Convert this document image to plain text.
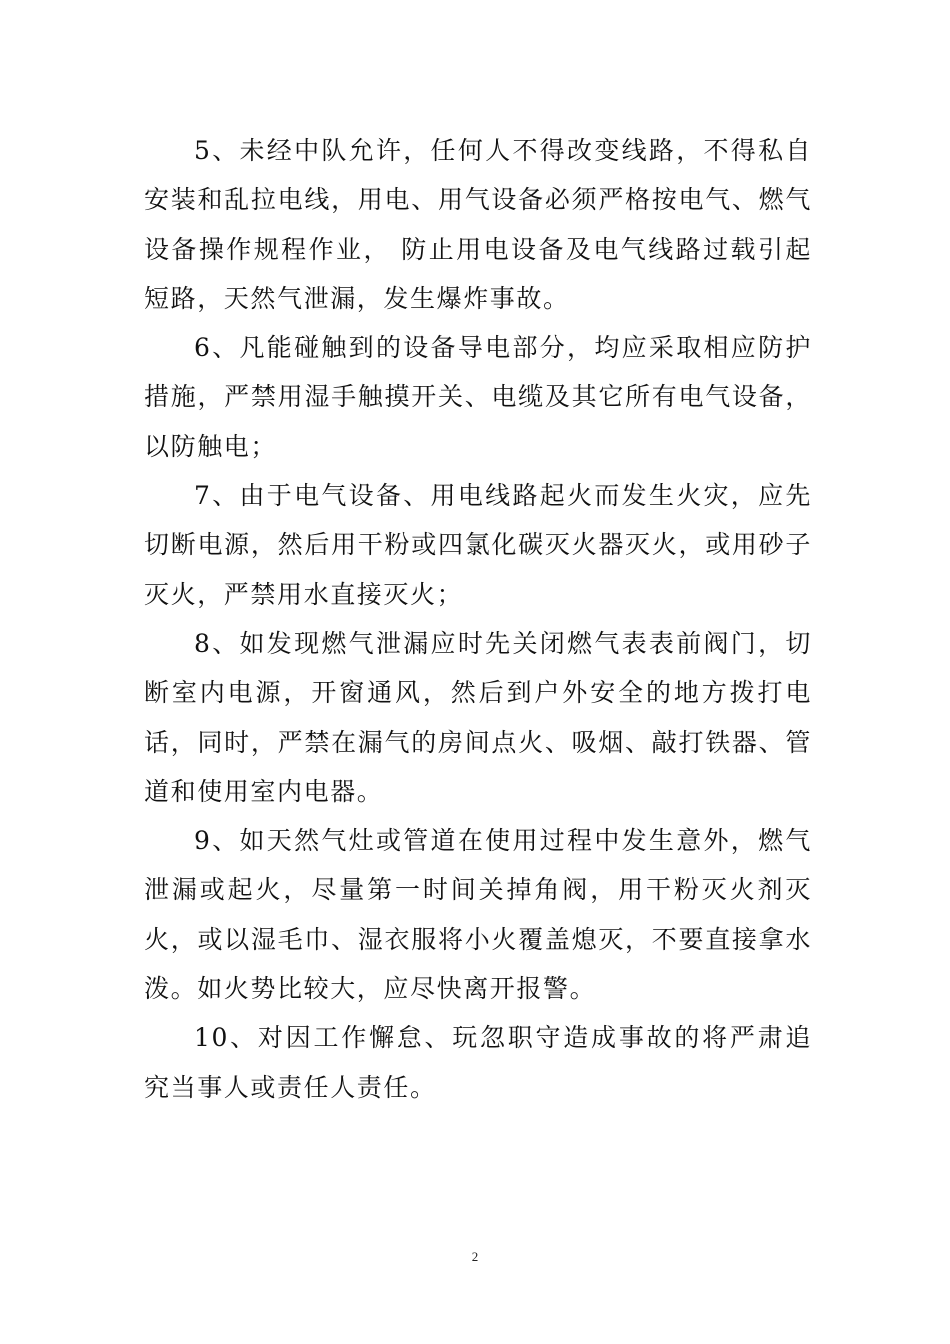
5、未经中队允许，任何人不得改变线路，不得私自安装和乱拉电线，用电、用气设备必须严格按电气、燃气设备操作规程作业， 防止用电设备及电气线路过载引起短路，天然气泄漏，发生爆炸事故。

6、凡能碰触到的设备导电部分，均应采取相应防护措施，严禁用湿手触摸开关、电缆及其它所有电气设备，以防触电；

7、由于电气设备、用电线路起火而发生火灾，应先切断电源，然后用干粉或四氯化碳灭火器灭火，或用砂子灭火，严禁用水直接灭火；

8、如发现燃气泄漏应时先关闭燃气表表前阀门，切断室内电源，开窗通风，然后到户外安全的地方拨打电话，同时，严禁在漏气的房间点火、吸烟、敲打铁器、管道和使用室内电器。

9、如天然气灶或管道在使用过程中发生意外，燃气泄漏或起火，尽量第一时间关掉角阀，用干粉灭火剂灭火，或以湿毛巾、湿衣服将小火覆盖熄灭，不要直接拿水泼。如火势比较大，应尽快离开报警。

10、对因工作懈怠、玩忽职守造成事故的将严肃追究当事人或责任人责任。

2
